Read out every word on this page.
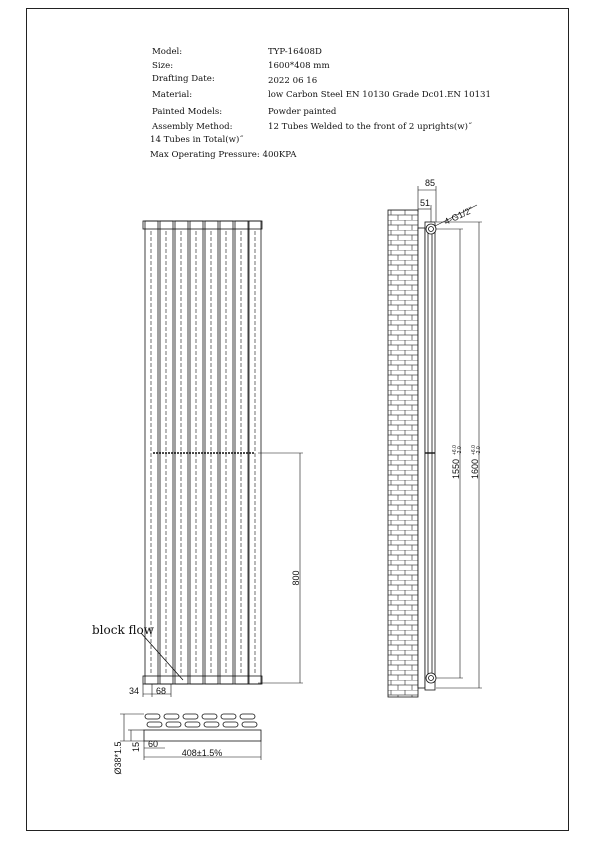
Model:	TYP-16408D
Size:	1600*408 mm
Drafting Date:	2022 06 16
Material:	low Carbon Steel EN 10130 Grade Dc01.EN 10131
Painted Models:	Powder painted
Assembly Method:	12 Tubes Welded to the front of 2 uprights(w)˝
14 Tubes in Total(w)˝
Max Operating Pressure: 400KPA
block flow
800
34 68
85
51
4-G1/2"
1550
+6.0 -2.0
1600
+6.0 -2.0
Ø38*1.5 15 60
408±1.5%
